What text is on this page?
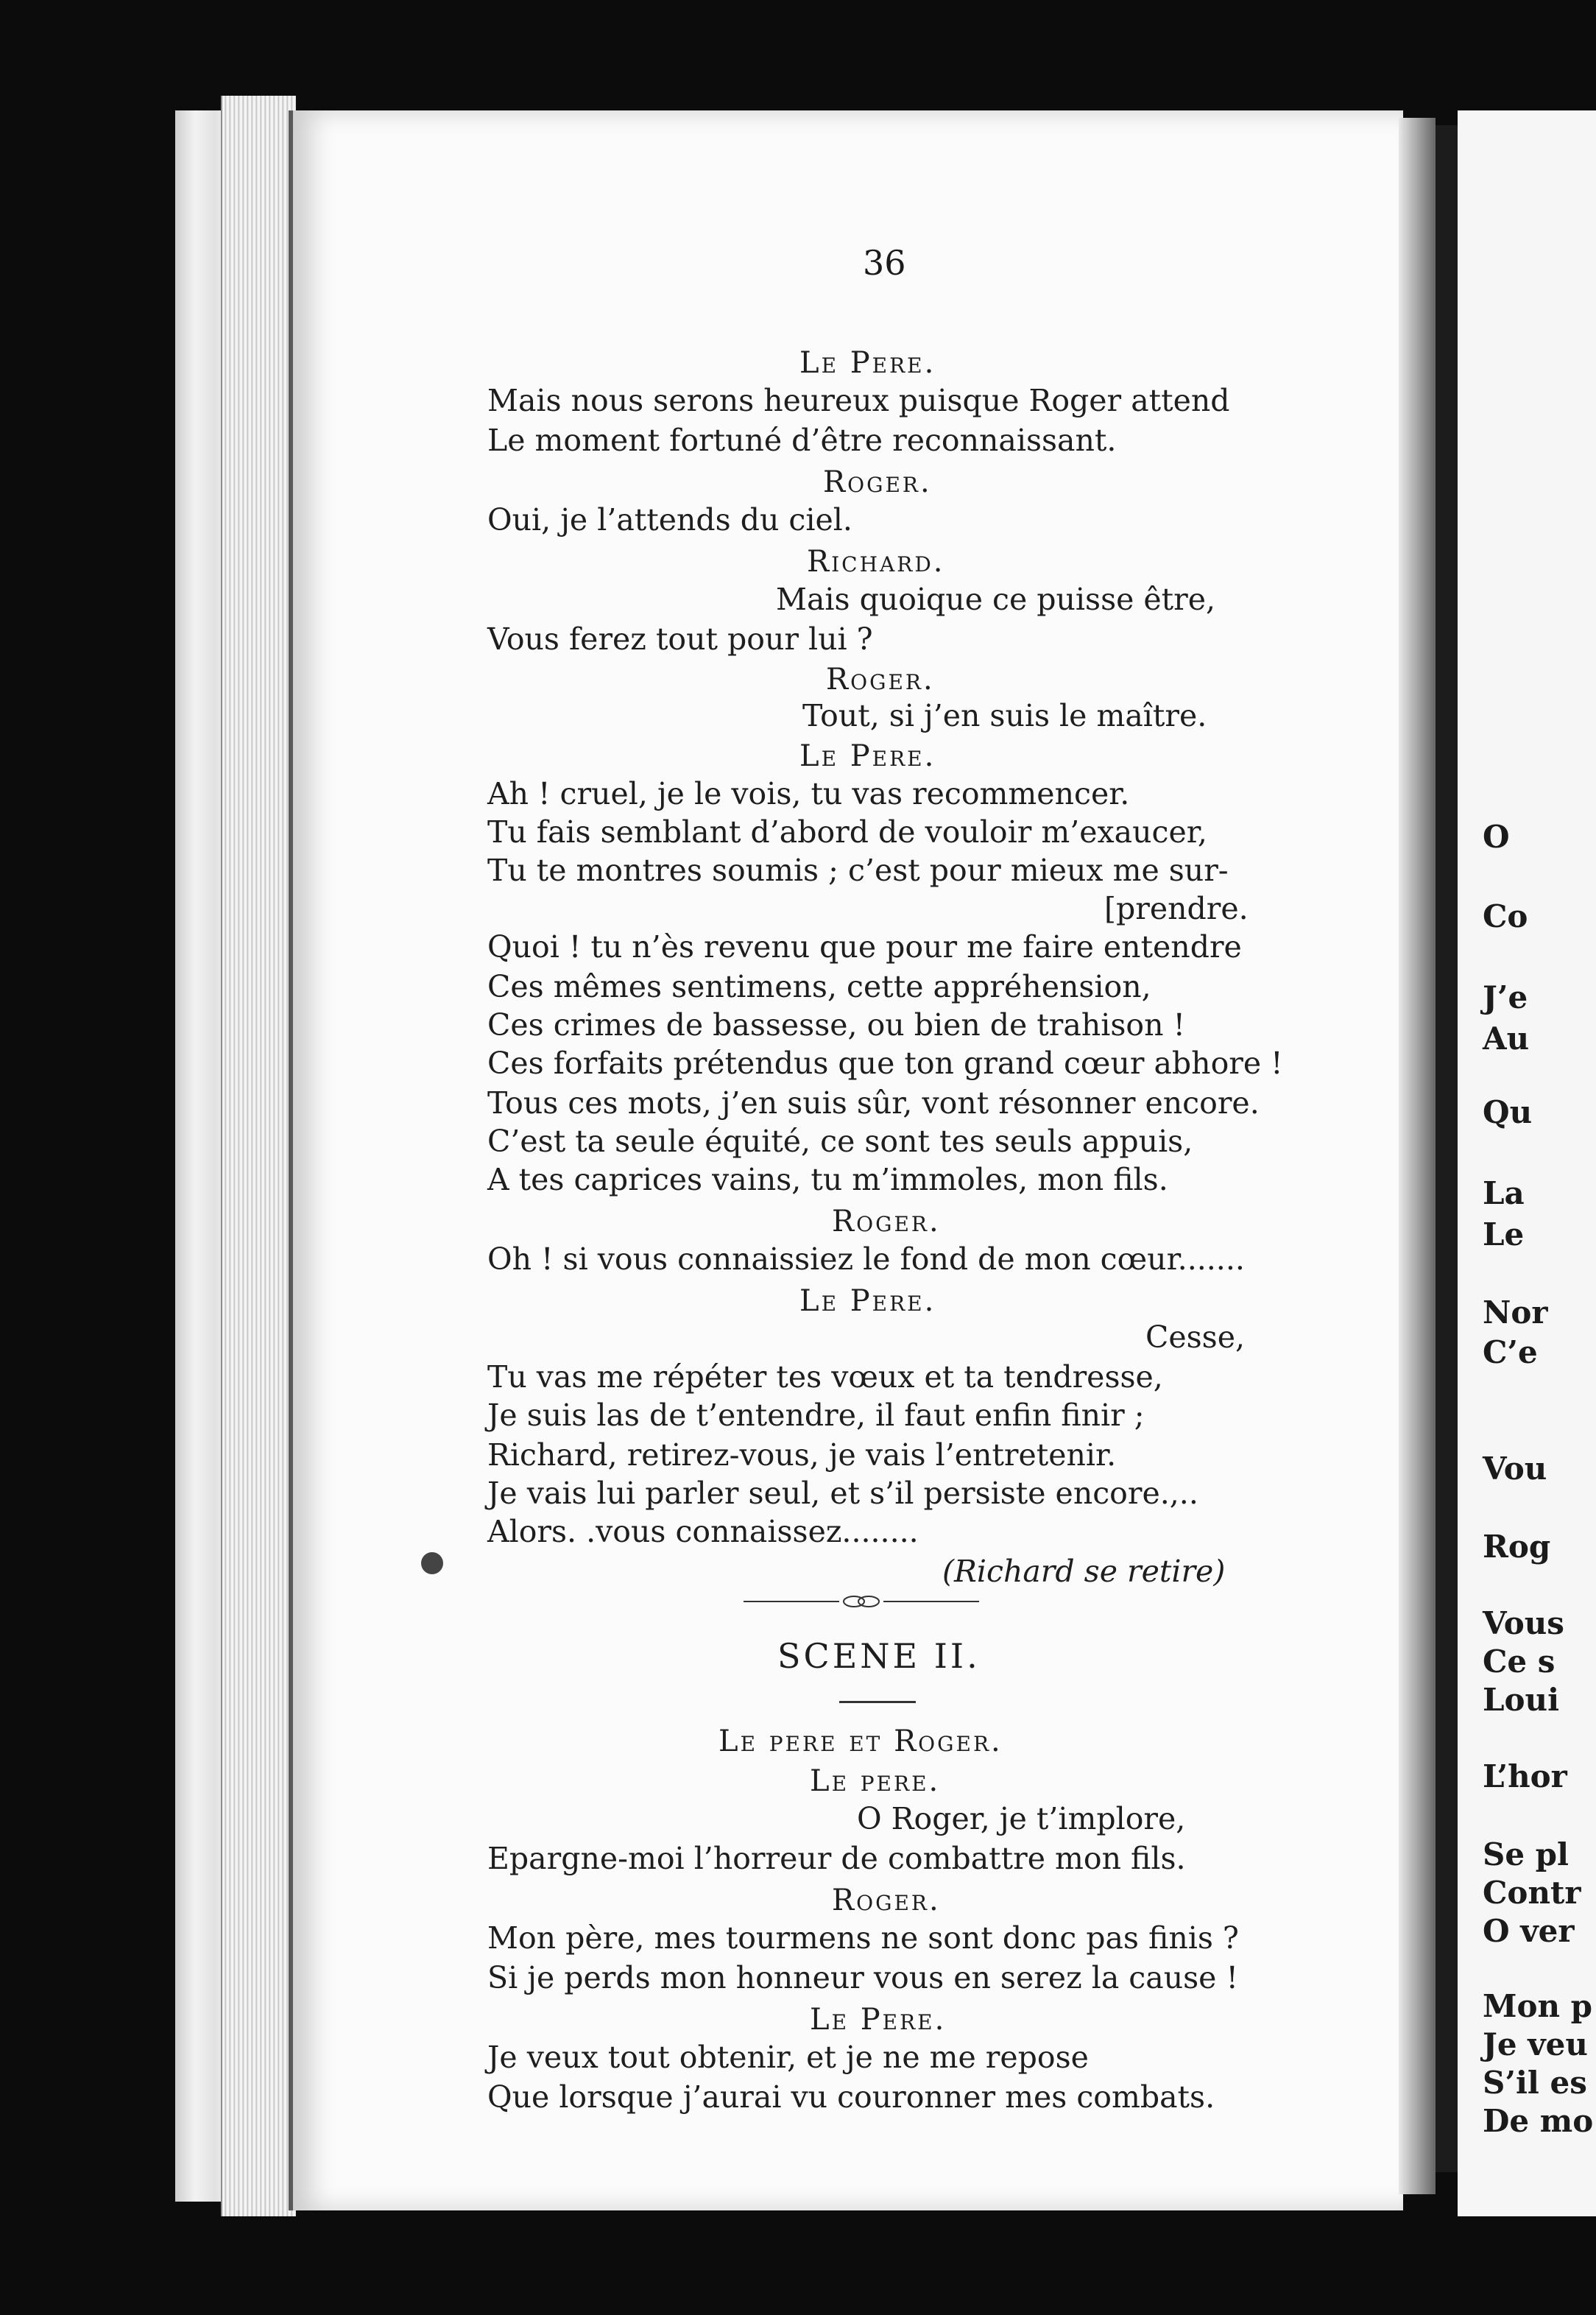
O
Co
J’e
Au
Qu
La
Le
Nor
C’e
Vou
Rog
Vous
Ce s
Loui
L’hor
Se pl
Contr
O ver
Mon p
Je veu
S’il es
De mo
36
Le Pere.
Mais nous serons heureux puisque Roger attend
Le moment fortuné d’être reconnaissant.
Roger.
Oui, je l’attends du ciel.
Richard.
Mais quoique ce puisse être,
Vous ferez tout pour lui ?
Roger.
Tout, si j’en suis le maître.
Le Pere.
Ah ! cruel, je le vois, tu vas recommencer.
Tu fais semblant d’abord de vouloir m’exaucer,
Tu te montres soumis ; c’est pour mieux me sur-
[prendre.
Quoi ! tu n’ès revenu que pour me faire entendre
Ces mêmes sentimens, cette appréhension,
Ces crimes de bassesse, ou bien de trahison !
Ces forfaits prétendus que ton grand cœur abhore !
Tous ces mots, j’en suis sûr, vont résonner encore.
C’est ta seule équité, ce sont tes seuls appuis,
A tes caprices vains, tu m’immoles, mon fils.
Roger.
Oh ! si vous connaissiez le fond de mon cœur.......
Le Pere.
Cesse,
Tu vas me répéter tes vœux et ta tendresse,
Je suis las de t’entendre, il faut enfin finir ;
Richard, retirez-vous, je vais l’entretenir.
Je vais lui parler seul, et s’il persiste encore.,..
Alors. .vous connaissez........
(Richard se retire)
SCENE II.
Le pere et Roger.
Le pere.
O Roger, je t’implore,
Epargne-moi l’horreur de combattre mon fils.
Roger.
Mon père, mes tourmens ne sont donc pas finis ?
Si je perds mon honneur vous en serez la cause !
Le Pere.
Je veux tout obtenir, et je ne me repose
Que lorsque j’aurai vu couronner mes combats.
